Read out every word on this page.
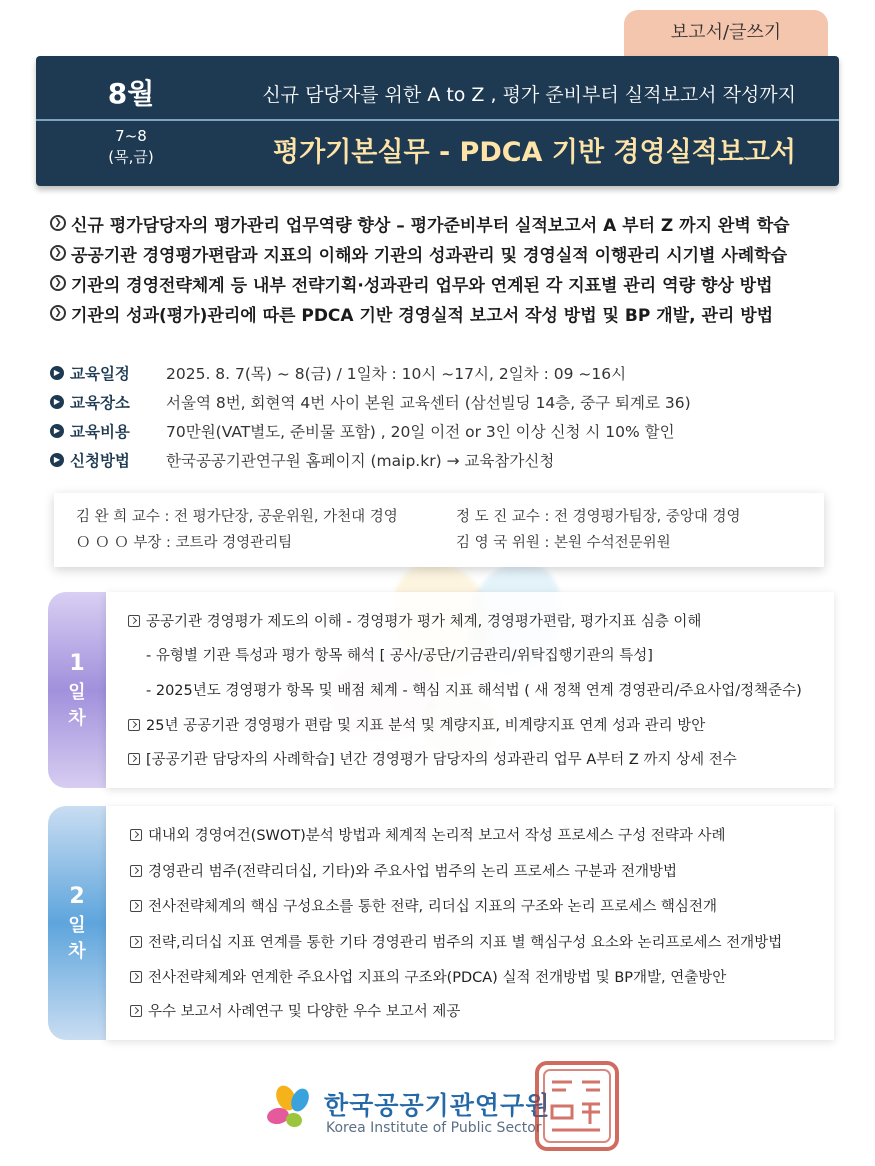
보고서/글쓰기
8월	신규 담당자를 위한 A to Z , 평가 준비부터 실적보고서 작성까지
7~8
(목,금)	평가기본실무 - PDCA 기반 경영실적보고서
❯ 신규 평가담당자의 평가관리 업무역량 향상 – 평가준비부터 실적보고서 A 부터 Z 까지 완벽 학습
❯ 공공기관 경영평가편람과 지표의 이해와 기관의 성과관리 및 경영실적 이행관리 시기별 사례학습
❯ 기관의 경영전략체계 등 내부 전략기획·성과관리 업무와 연계된 각 지표별 관리 역량 향상 방법
❯ 기관의 성과(평가)관리에 따른 PDCA 기반 경영실적 보고서 작성 방법 및 BP 개발, 관리 방법
▶ 교육일정	2025. 8. 7(목) ~ 8(금) / 1일차 : 10시 ~17시, 2일차 : 09 ~16시
▶ 교육장소	서울역 8번, 회현역 4번 사이 본원 교육센터 (삼선빌딩 14층, 중구 퇴계로 36)
▶ 교육비용	70만원(VAT별도, 준비물 포함) , 20일 이전 or 3인 이상 신청 시 10% 할인
▶ 신청방법	한국공공기관연구원 홈페이지 (maip.kr) → 교육참가신청
김 완 희 교수 : 전 평가단장, 공운위원, 가천대 경영	정 도 진 교수 : 전 경영평가팀장, 중앙대 경영
Ｏ Ｏ Ｏ 부장 : 코트라 경영관리팀	김 영 국 위원 : 본원 수석전문위원
1
일
차
공공기관 경영평가 제도의 이해 - 경영평가 평가 체계, 경영평가편람, 평가지표 심층 이해
- 유형별 기관 특성과 평가 항목 해석 [ 공사/공단/기금관리/위탁집행기관의 특성]
- 2025년도 경영평가 항목 및 배점 체계 - 핵심 지표 해석법 ( 새 정책 연계 경영관리/주요사업/정책준수)
25년 공공기관 경영평가 편람 및 지표 분석 및 계량지표, 비계량지표 연계 성과 관리 방안
[공공기관 담당자의 사례학습] 년간 경영평가 담당자의 성과관리 업무 A부터 Z 까지 상세 전수
2
일
차
대내외 경영여건(SWOT)분석 방법과 체계적 논리적 보고서 작성 프로세스 구성 전략과 사례
경영관리 범주(전략리더십, 기타)와 주요사업 범주의 논리 프로세스 구분과 전개방법
전사전략체계의 핵심 구성요소를 통한 전략, 리더십 지표의 구조와 논리 프로세스 핵심전개
전략,리더십 지표 연계를 통한 기타 경영관리 범주의 지표 별 핵심구성 요소와 논리프로세스 전개방법
전사전략체계와 연계한 주요사업 지표의 구조와(PDCA) 실적 전개방법 및 BP개발, 연출방안
우수 보고서 사례연구 및 다양한 우수 보고서 제공
한국공공기관연구원
Korea Institute of Public Sector
